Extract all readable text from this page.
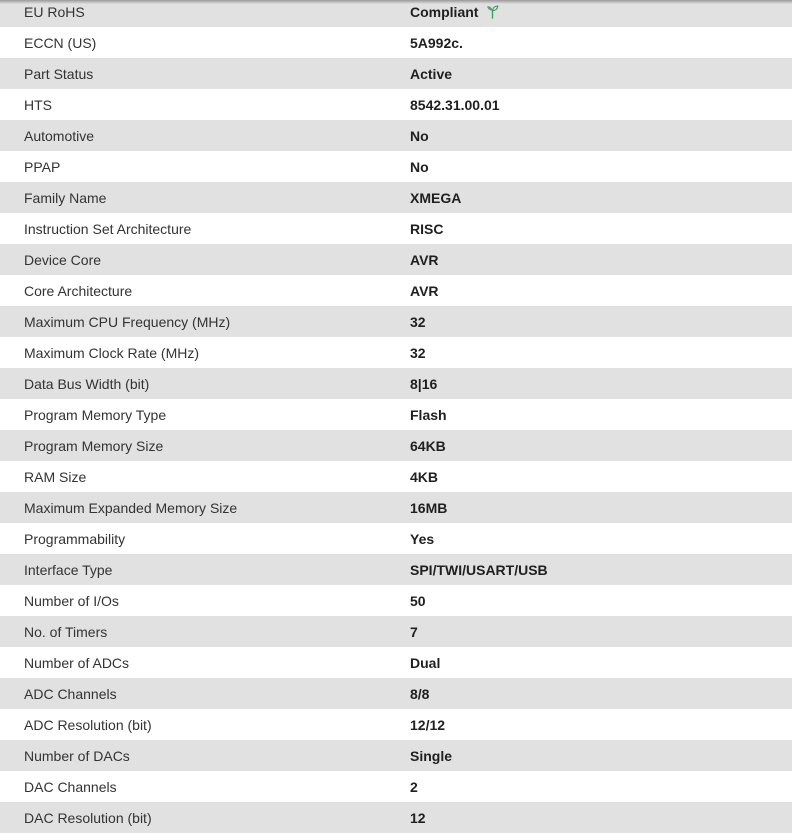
EU RoHS	Compliant
ECCN (US)	5A992c.
Part Status	Active
HTS	8542.31.00.01
Automotive	No
PPAP	No
Family Name	XMEGA
Instruction Set Architecture	RISC
Device Core	AVR
Core Architecture	AVR
Maximum CPU Frequency (MHz)	32
Maximum Clock Rate (MHz)	32
Data Bus Width (bit)	8|16
Program Memory Type	Flash
Program Memory Size	64KB
RAM Size	4KB
Maximum Expanded Memory Size	16MB
Programmability	Yes
Interface Type	SPI/TWI/USART/USB
Number of I/Os	50
No. of Timers	7
Number of ADCs	Dual
ADC Channels	8/8
ADC Resolution (bit)	12/12
Number of DACs	Single
DAC Channels	2
DAC Resolution (bit)	12
